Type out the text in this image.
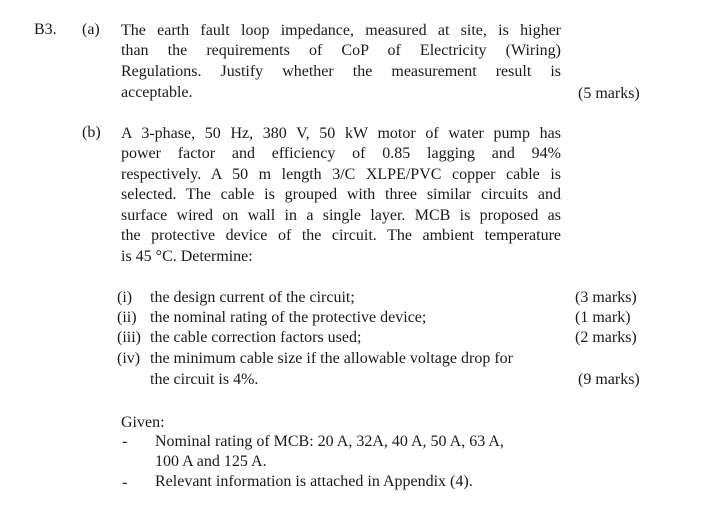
B3. (a) The earth fault loop impedance, measured at site, is higher
than the requirements of CoP of Electricity (Wiring)
Regulations. Justify whether the measurement result is
acceptable.	(5 marks)
(b) A 3-phase, 50 Hz, 380 V, 50 kW motor of water pump has
power factor and efficiency of 0.85 lagging and 94%
respectively. A 50 m length 3/C XLPE/PVC copper cable is
selected. The cable is grouped with three similar circuits and
surface wired on wall in a single layer. MCB is proposed as
the protective device of the circuit. The ambient temperature
is 45 °C. Determine:
(i) the design current of the circuit;	(3 marks)
(ii) the nominal rating of the protective device;	(1 mark)
(iii) the cable correction factors used;	(2 marks)
(iv) the minimum cable size if the allowable voltage drop for
the circuit is 4%.	(9 marks)
Given:
- Nominal rating of MCB: 20 A, 32A, 40 A, 50 A, 63 A,
100 A and 125 A.
- Relevant information is attached in Appendix (4).
